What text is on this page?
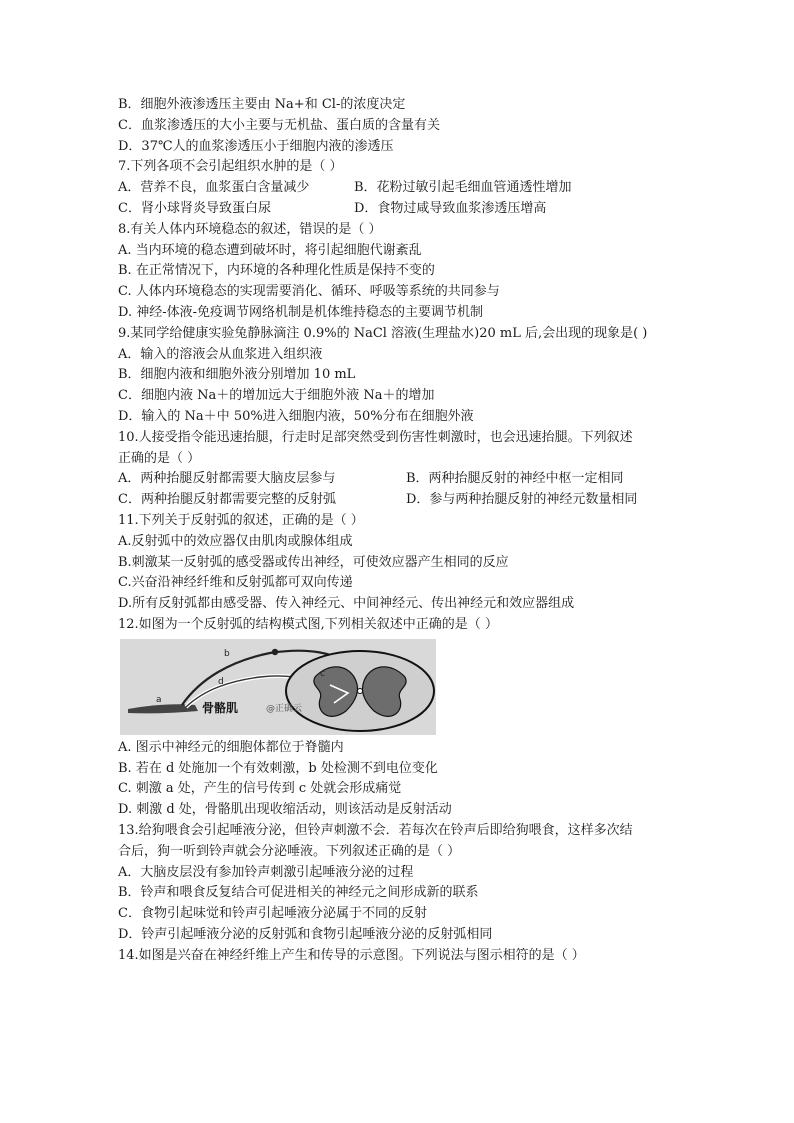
B．细胞外液渗透压主要由 Na+和 Cl-的浓度决定
C．血浆渗透压的大小主要与无机盐、蛋白质的含量有关
D．37℃人的血浆渗透压小于细胞内液的渗透压
7.下列各项不会引起组织水肿的是（ ）
A．营养不良，血浆蛋白含量减少	B．花粉过敏引起毛细血管通透性增加
C．肾小球肾炎导致蛋白尿	D．食物过咸导致血浆渗透压增高
8.有关人体内环境稳态的叙述，错误的是（ ）
A. 当内环境的稳态遭到破坏时，将引起细胞代谢紊乱
B. 在正常情况下，内环境的各种理化性质是保持不变的
C. 人体内环境稳态的实现需要消化、循环、呼吸等系统的共同参与
D. 神经-体液-免疫调节网络机制是机体维持稳态的主要调节机制
9.某同学给健康实验兔静脉滴注 0.9%的 NaCl 溶液(生理盐水)20 mL 后,会出现的现象是( )
A．输入的溶液会从血浆进入组织液
B．细胞内液和细胞外液分别增加 10 mL
C．细胞内液 Na＋的增加远大于细胞外液 Na＋的增加
D．输入的 Na＋中 50%进入细胞内液，50%分布在细胞外液
10.人接受指令能迅速抬腿，行走时足部突然受到伤害性刺激时，也会迅速抬腿。下列叙述
正确的是（ ）
A．两种抬腿反射都需要大脑皮层参与	B．两种抬腿反射的神经中枢一定相同
C．两种抬腿反射都需要完整的反射弧	D．参与两种抬腿反射的神经元数量相同
11.下列关于反射弧的叙述，正确的是（ ）
A.反射弧中的效应器仅由肌肉或腺体组成
B.刺激某一反射弧的感受器或传出神经，可使效应器产生相同的反应
C.兴奋沿神经纤维和反射弧都可双向传递
D.所有反射弧都由感受器、传入神经元、中间神经元、传出神经元和效应器组成
12.如图为一个反射弧的结构模式图,下列相关叙述中正确的是（ ）
a
b
c
d
骨骼肌	@正确云
A. 图示中神经元的细胞体都位于脊髓内
B. 若在 d 处施加一个有效刺激，b 处检测不到电位变化
C. 刺激 a 处，产生的信号传到 c 处就会形成痛觉
D. 刺激 d 处，骨骼肌出现收缩活动，则该活动是反射活动
13.给狗喂食会引起唾液分泌，但铃声刺激不会．若每次在铃声后即给狗喂食，这样多次结
合后，狗一听到铃声就会分泌唾液。下列叙述正确的是（ ）
A．大脑皮层没有参加铃声刺激引起唾液分泌的过程
B．铃声和喂食反复结合可促进相关的神经元之间形成新的联系
C．食物引起味觉和铃声引起唾液分泌属于不同的反射
D．铃声引起唾液分泌的反射弧和食物引起唾液分泌的反射弧相同
14.如图是兴奋在神经纤维上产生和传导的示意图。下列说法与图示相符的是（ ）
